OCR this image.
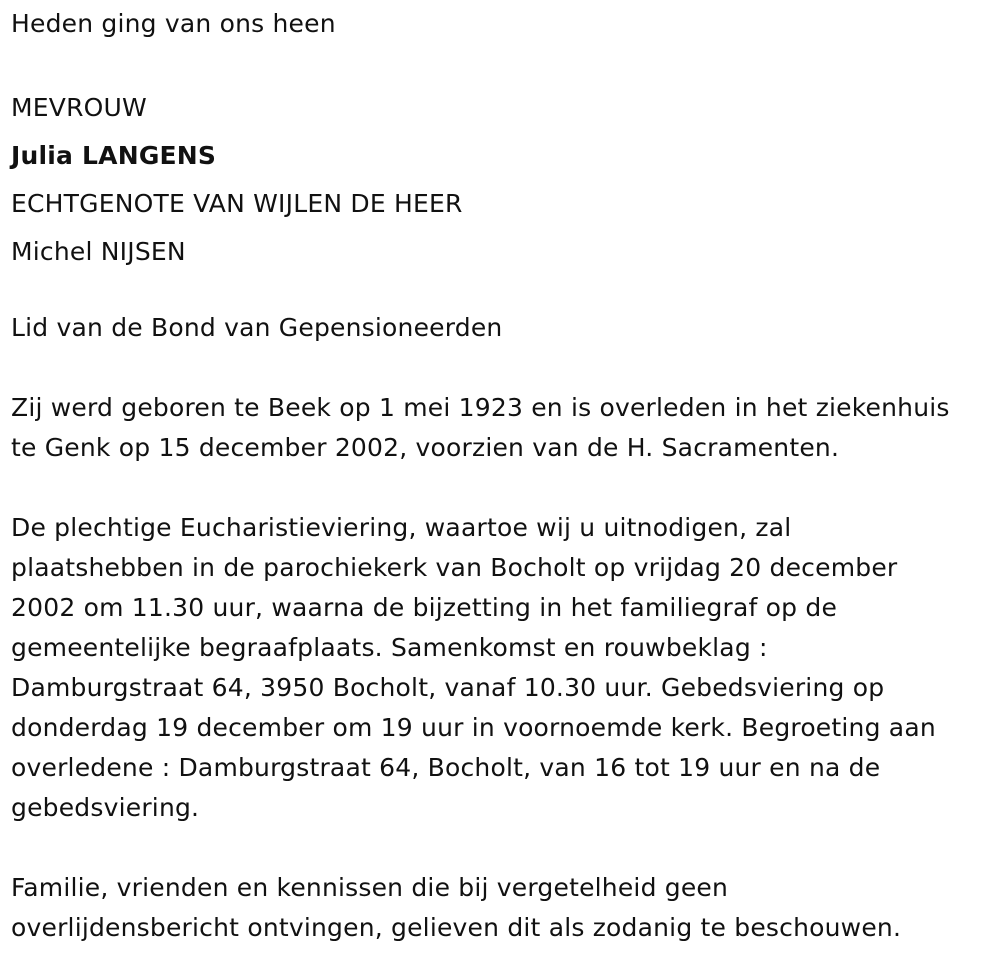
Heden ging van ons heen
MEVROUW
Julia LANGENS
ECHTGENOTE VAN WIJLEN DE HEER
Michel NIJSEN
Lid van de Bond van Gepensioneerden
Zij werd geboren te Beek op 1 mei 1923 en is overleden in het ziekenhuis
te Genk op 15 december 2002, voorzien van de H. Sacramenten.
De plechtige Eucharistieviering, waartoe wij u uitnodigen, zal
plaatshebben in de parochiekerk van Bocholt op vrijdag 20 december
2002 om 11.30 uur, waarna de bijzetting in het familiegraf op de
gemeentelijke begraafplaats. Samenkomst en rouwbeklag :
Damburgstraat 64, 3950 Bocholt, vanaf 10.30 uur. Gebedsviering op
donderdag 19 december om 19 uur in voornoemde kerk. Begroeting aan
overledene : Damburgstraat 64, Bocholt, van 16 tot 19 uur en na de
gebedsviering.
Familie, vrienden en kennissen die bij vergetelheid geen
overlijdensbericht ontvingen, gelieven dit als zodanig te beschouwen.
